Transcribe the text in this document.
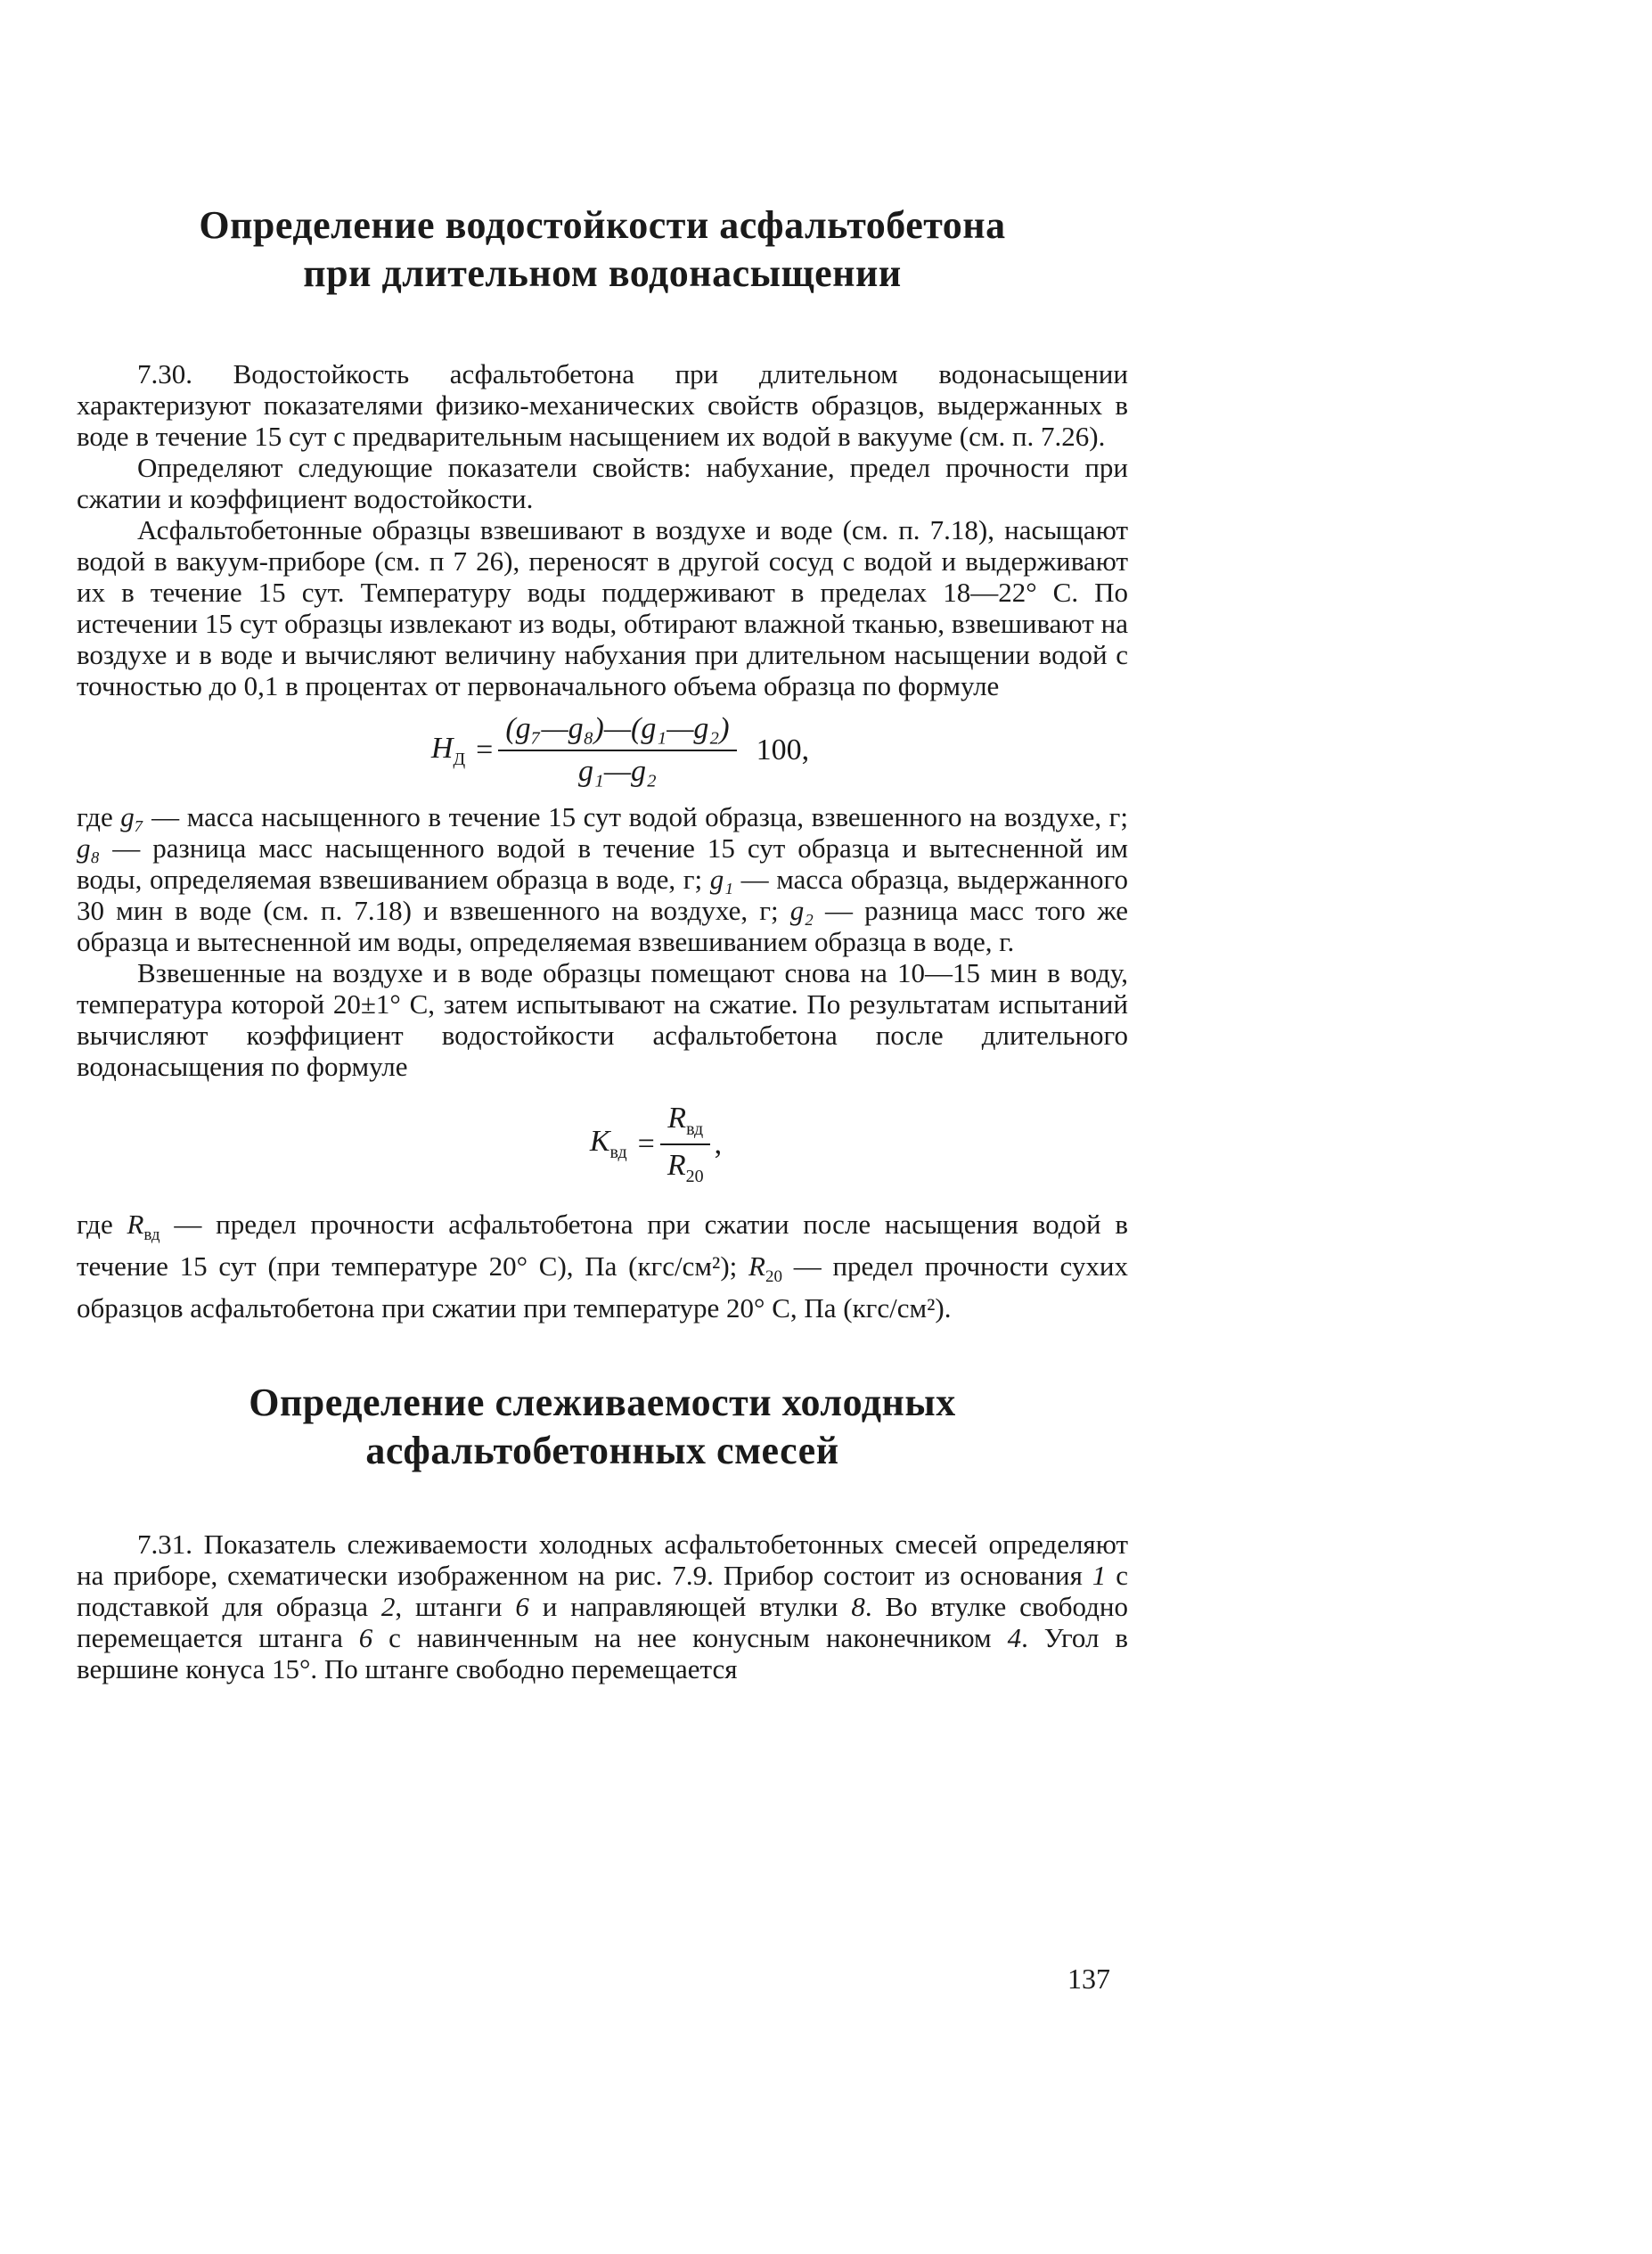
Определение водостойкости асфальтобетона
при длительном водонасыщении

7.30. Водостойкость асфальтобетона при длительном водонасыщении характеризуют показателями физико-механических свойств образцов, выдержанных в воде в течение 15 сут с предварительным насыщением их водой в вакууме (см. п. 7.26).

Определяют следующие показатели свойств: набухание, предел прочности при сжатии и коэффициент водостойкости.

Асфальтобетонные образцы взвешивают в воздухе и воде (см. п. 7.18), насыщают водой в вакуум-приборе (см. п 7 26), переносят в другой сосуд с водой и выдерживают их в течение 15 сут. Температуру воды поддерживают в пределах 18—22° С. По истечении 15 сут образцы извлекают из воды, обтирают влажной тканью, взвешивают на воздухе и в воде и вычисляют величину набухания при длительном насыщении водой с точностью до 0,1 в процентах от первоначального объема образца по формуле

$H_Д = \frac{\text{(g₇—g₈)—(g₁—g₂)}}{\text{g₁—g₂}} 100$,

где g₇ — масса насыщенного в течение 15 сут водой образца, взвешенного на воздухе, г; g₈ — разница масс насыщенного водой в течение 15 сут образца и вытесненной им воды, определяемая взвешиванием образца в воде, г; g₁ — масса образца, выдержанного 30 мин в воде (см. п. 7.18) и взвешенного на воздухе, г; g₂ — разница масс того же образца и вытесненной им воды, определяемая взвешиванием образца в воде, г.

Взвешенные на воздухе и в воде образцы помещают снова на 10—15 мин в воду, температура которой 20±1° С, затем испытывают на сжатие. По результатам испытаний вычисляют коэффициент водостойкости асфальтобетона после длительного водонасыщения по формуле

$K_{вд} = \frac{R_{вд}}{R_{20}}$ ,

где $R_{вд}$ — предел прочности асфальтобетона при сжатии после насыщения водой в течение 15 сут (при температуре 20° С), Па (кгс/см²); $R_{20}$ — предел прочности сухих образцов асфальтобетона при сжатии при температуре 20° С, Па (кгс/см²).

Определение слеживаемости холодных
асфальтобетонных смесей

7.31. Показатель слеживаемости холодных асфальтобетонных смесей определяют на приборе, схематически изображенном на рис. 7.9. Прибор состоит из основания 1 с подставкой для образца 2, штанги 6 и направляющей втулки 8. Во втулке свободно перемещается штанга 6 с навинченным на нее конусным наконечником 4. Угол в вершине конуса 15°. По штанге свободно перемещается

137
